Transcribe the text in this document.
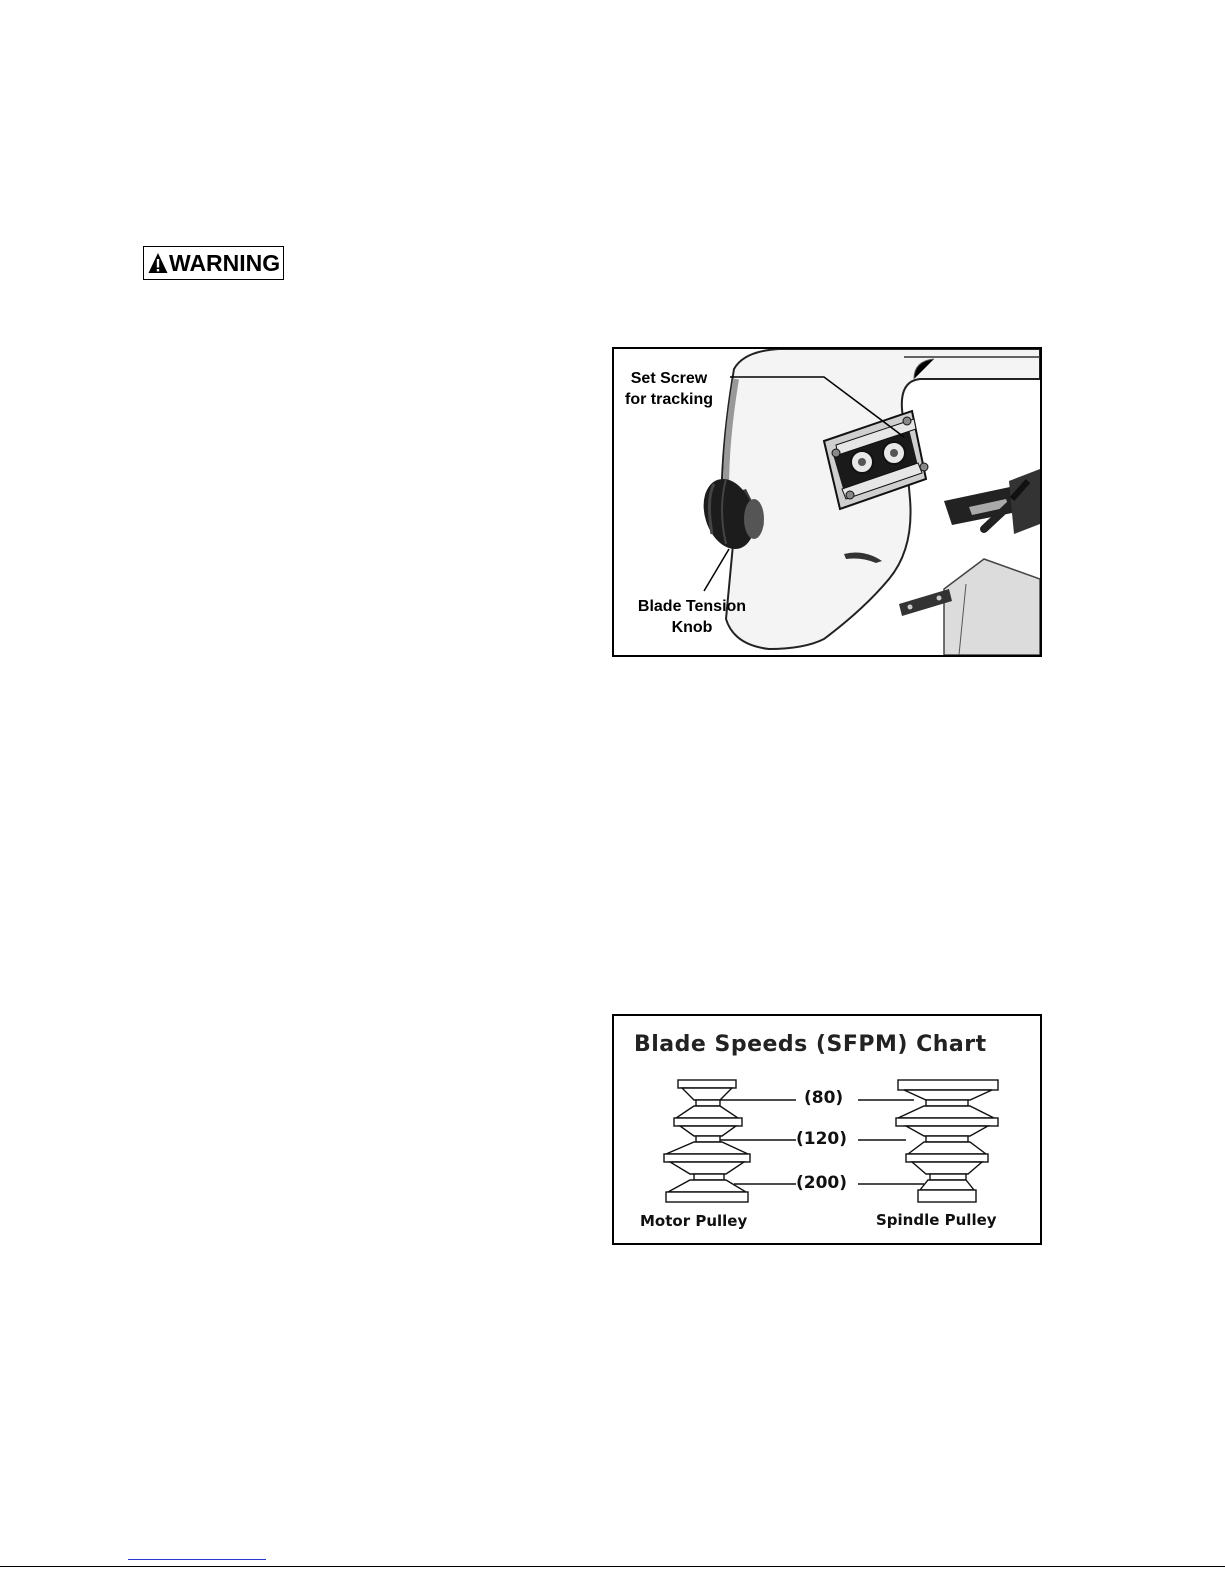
WARNING
Set Screw
for tracking
Blade Tension
Knob
Blade Speeds (SFPM) Chart
(80)
(120)
(200)
Motor Pulley	Spindle Pulley
